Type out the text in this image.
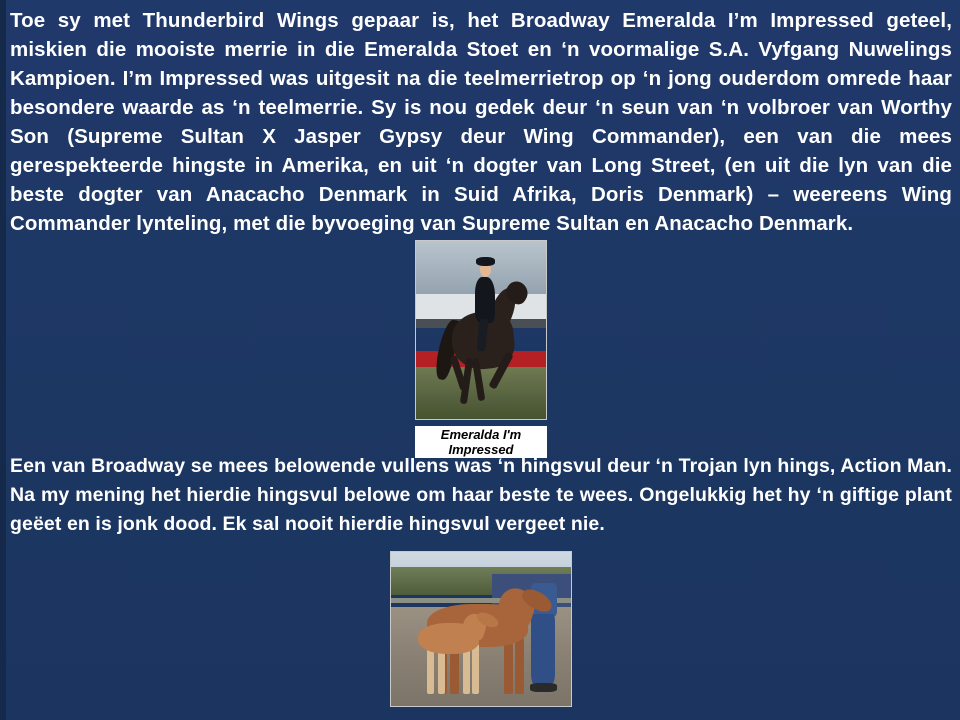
Toe sy met Thunderbird Wings gepaar is, het Broadway Emeralda I’m Impressed geteel, miskien die mooiste merrie in die Emeralda Stoet en ‘n voormalige S.A. Vyfgang Nuwelings Kampioen. I’m Impressed was uitgesit na die teelmerrietrop op ‘n jong ouderdom omrede haar besondere waarde as ‘n teelmerrie. Sy is nou gedek deur ‘n seun van ‘n volbroer van Worthy Son (Supreme Sultan X Jasper Gypsy deur Wing Commander), een van die mees gerespekteerde hingste in Amerika, en uit ‘n dogter van Long Street, (en uit die lyn van die beste dogter van Anacacho Denmark in Suid Afrika, Doris Denmark) – weereens Wing Commander lynteling, met die byvoeging van Supreme Sultan en Anacacho Denmark.
Emeralda I'm Impressed
Een van Broadway se mees belowende vullens was ‘n hingsvul deur ‘n Trojan lyn hings, Action Man. Na my mening het hierdie hingsvul belowe om haar beste te wees. Ongelukkig het hy ‘n giftige plant geëet en is jonk dood. Ek sal nooit hierdie hingsvul vergeet nie.
